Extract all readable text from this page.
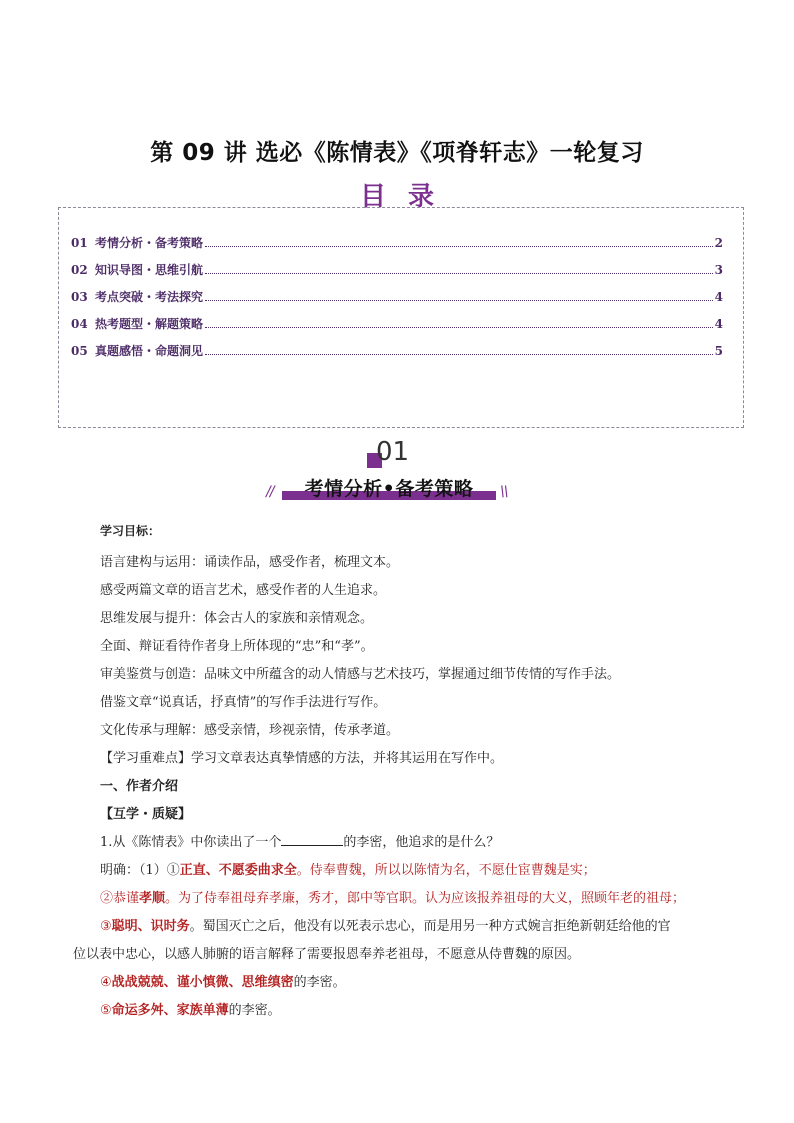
第 09 讲 选必《陈情表》《项脊轩志》一轮复习
目录
01 考情分析・备考策略	2
02 知识导图・思维引航	3
03 考点突破・考法探究	4
04 热考题型・解题策略	4
05 真题感悟・命题洞见	5
01
//	考情分析•备考策略	\\

学习目标：

语言建构与运用：诵读作品，感受作者，梳理文本。

感受两篇文章的语言艺术，感受作者的人生追求。

思维发展与提升：体会古人的家族和亲情观念。

全面、辩证看待作者身上所体现的“忠”和“孝”。

审美鉴赏与创造：品味文中所蕴含的动人情感与艺术技巧，掌握通过细节传情的写作手法。

借鉴文章“说真话，抒真情”的写作手法进行写作。

文化传承与理解：感受亲情，珍视亲情，传承孝道。

【学习重难点】学习文章表达真挚情感的方法，并将其运用在写作中。

一、作者介绍

【互学・质疑】

1.从《陈情表》中你读出了一个	的李密，他追求的是什么？

明确：（1）①正直、不愿委曲求全。侍奉曹魏，所以以陈情为名，不愿仕宦曹魏是实；

②恭谨孝顺。为了侍奉祖母弃孝廉，秀才，郎中等官职。认为应该报养祖母的大义，照顾年老的祖母；

③聪明、识时务。蜀国灭亡之后，他没有以死表示忠心，而是用另一种方式婉言拒绝新朝廷给他的官

位以表中忠心，以感人肺腑的语言解释了需要报恩奉养老祖母，不愿意从侍曹魏的原因。

④战战兢兢、谨小慎微、思维缜密的李密。

⑤命运多舛、家族单薄的李密。
